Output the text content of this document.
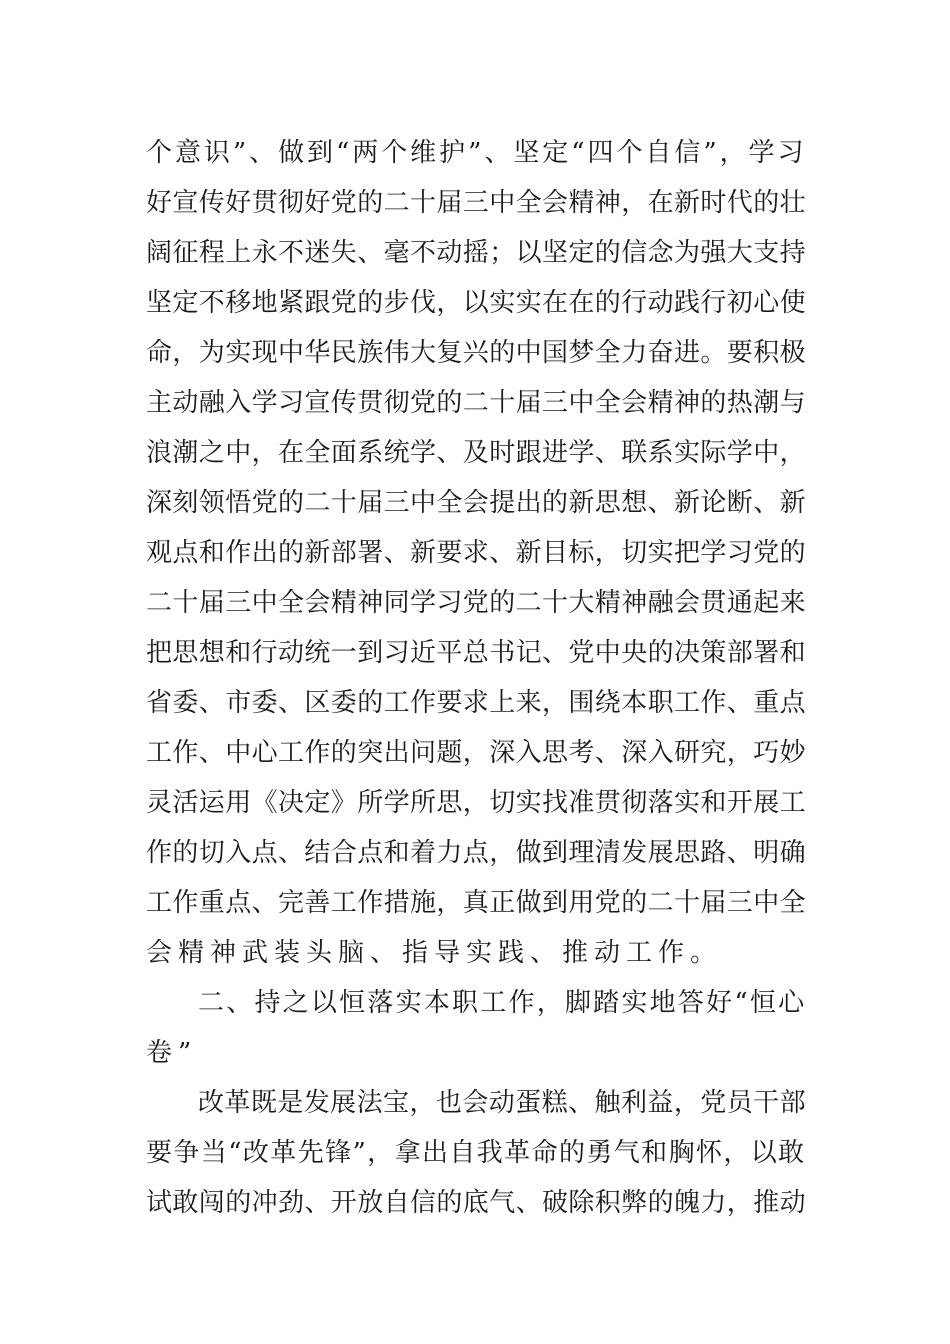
个意识”、做到“两个维护”、坚定“四个自信”，学习
好宣传好贯彻好党的二十届三中全会精神，在新时代的壮
阔征程上永不迷失、毫不动摇；以坚定的信念为强大支持
坚定不移地紧跟党的步伐，以实实在在的行动践行初心使
命，为实现中华民族伟大复兴的中国梦全力奋进。要积极
主动融入学习宣传贯彻党的二十届三中全会精神的热潮与
浪潮之中，在全面系统学、及时跟进学、联系实际学中，
深刻领悟党的二十届三中全会提出的新思想、新论断、新
观点和作出的新部署、新要求、新目标，切实把学习党的
二十届三中全会精神同学习党的二十大精神融会贯通起来
把思想和行动统一到习近平总书记、党中央的决策部署和
省委、市委、区委的工作要求上来，围绕本职工作、重点
工作、中心工作的突出问题，深入思考、深入研究，巧妙
灵活运用《决定》所学所思，切实找准贯彻落实和开展工
作的切入点、结合点和着力点，做到理清发展思路、明确
工作重点、完善工作措施，真正做到用党的二十届三中全
会精神武装头脑、指导实践、推动工作。
二、持之以恒落实本职工作，脚踏实地答好“恒心
卷”
改革既是发展法宝，也会动蛋糕、触利益，党员干部
要争当“改革先锋”，拿出自我革命的勇气和胸怀，以敢
试敢闯的冲劲、开放自信的底气、破除积弊的魄力，推动
